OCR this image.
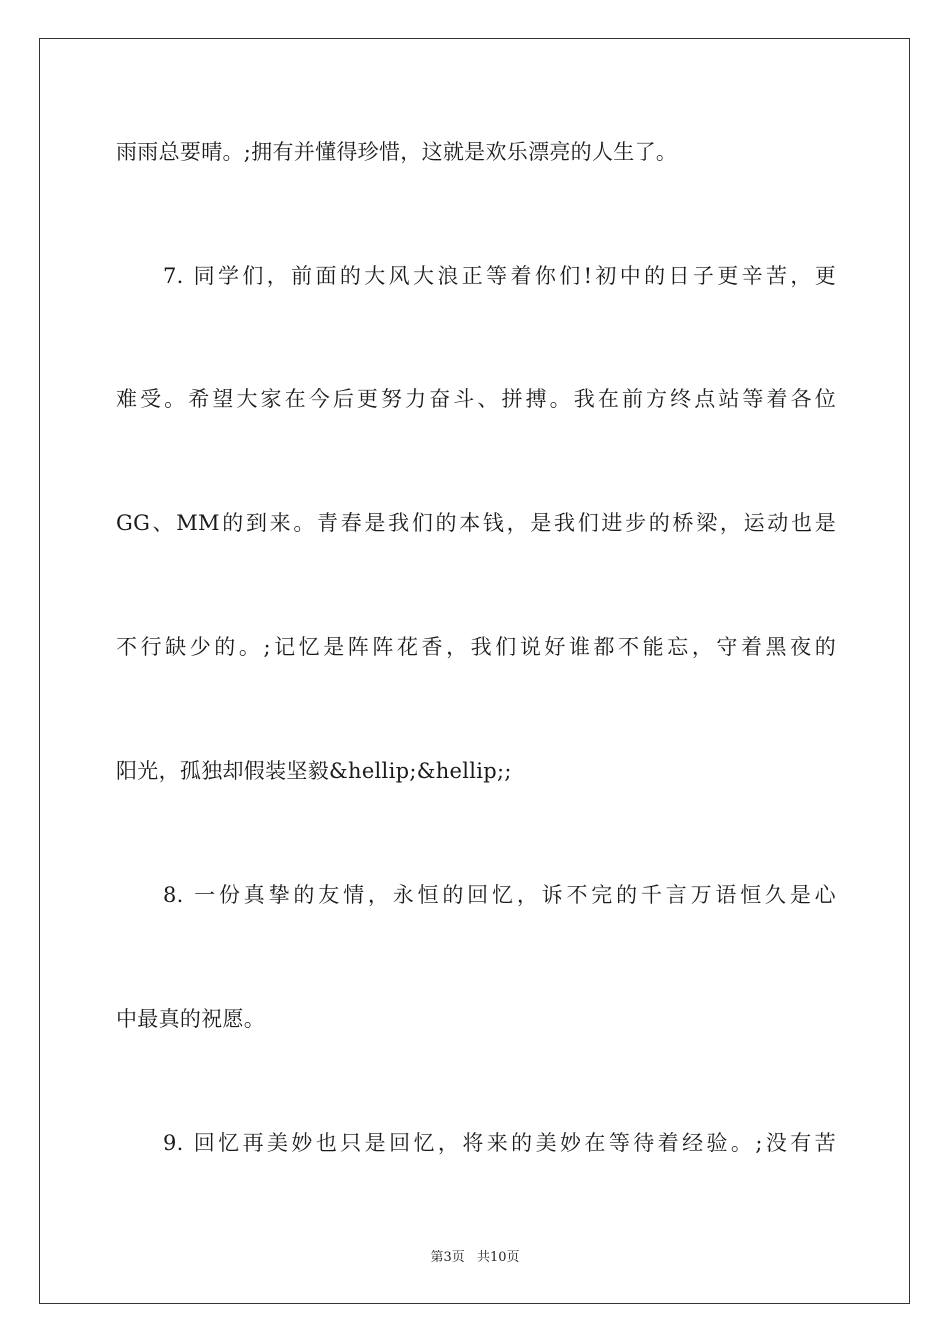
雨雨总要晴。;拥有并懂得珍惜，这就是欢乐漂亮的人生了。
7. 同学们，前面的大风大浪正等着你们!初中的日子更辛苦，更
难受。希望大家在今后更努力奋斗、拼搏。我在前方终点站等着各位
GG、MM的到来。青春是我们的本钱，是我们进步的桥梁，运动也是
不行缺少的。;记忆是阵阵花香，我们说好谁都不能忘，守着黑夜的
阳光，孤独却假装坚毅&hellip;&hellip;;
8. 一份真挚的友情，永恒的回忆，诉不完的千言万语恒久是心
中最真的祝愿。
9. 回忆再美妙也只是回忆，将来的美妙在等待着经验。;没有苦
第3页 共10页
